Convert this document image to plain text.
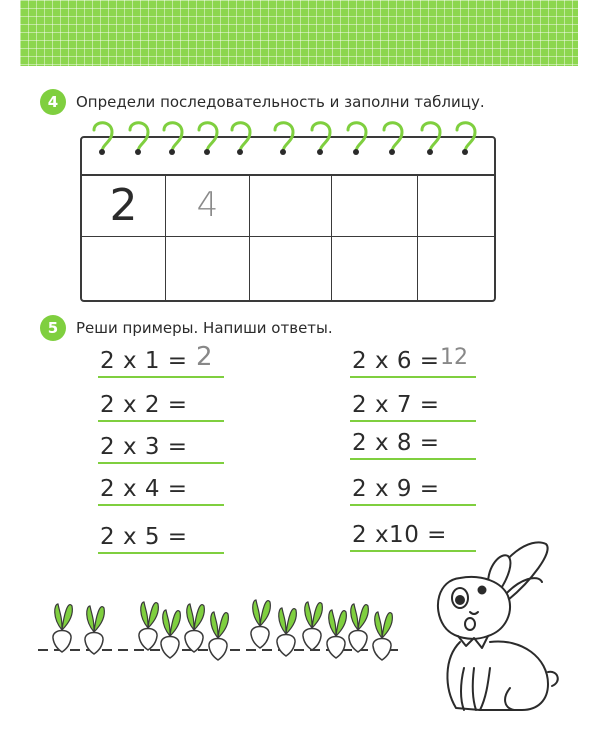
4 Определи последовательность и заполни таблицу.
2 4
5 Реши примеры. Напиши ответы.
2 x 1 = 2
2 x 2 =
2 x 3 =
2 x 4 =
2 x 5 =
2 x 6 = 12
2 x 7 =
2 x 8 =
2 x 9 =
2 x10 =
